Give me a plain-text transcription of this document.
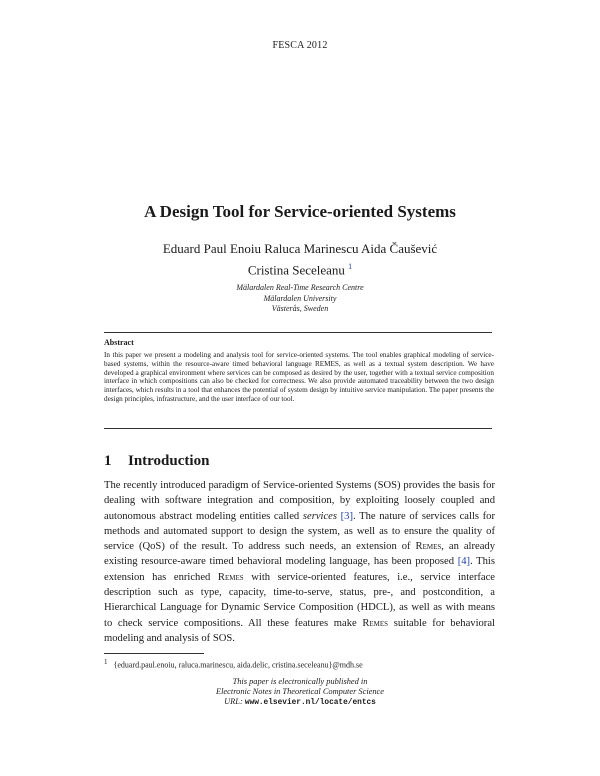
FESCA 2012
A Design Tool for Service-oriented Systems
Eduard Paul Enoiu Raluca Marinescu Aida Čaušević
Cristina Seceleanu $^1$
Mälardalen Real-Time Research Centre
Mälardalen University
Västerås, Sweden
Abstract
In this paper we present a modeling and analysis tool for service-oriented systems. The tool enables graphical modeling of service-based systems, within the resource-aware timed behavioral language REMES, as well as a textual system description. We have developed a graphical environment where services can be composed as desired by the user, together with a textual service composition interface in which compositions can also be checked for correctness. We also provide automated traceability between the two design interfaces, which results in a tool that enhances the potential of system design by intuitive service manipulation. The paper presents the design principles, infrastructure, and the user interface of our tool.
1 Introduction
The recently introduced paradigm of Service-oriented Systems (SOS) provides the basis for dealing with software integration and composition, by exploiting loosely coupled and autonomous abstract modeling entities called services [3]. The nature of services calls for methods and automated support to design the system, as well as to ensure the quality of service (QoS) of the result. To address such needs, an extension of Remes, an already existing resource-aware timed behavioral modeling language, has been proposed [4]. This extension has enriched Remes with service-oriented features, i.e., service interface description such as type, capacity, time-to-serve, status, pre-, and postcondition, a Hierarchical Language for Dynamic Service Composition (HDCL), as well as with means to check service compositions. All these features make Remes suitable for behavioral modeling and analysis of SOS.
1 {eduard.paul.enoiu, raluca.marinescu, aida.delic, cristina.seceleanu}@mdh.se
This paper is electronically published in
Electronic Notes in Theoretical Computer Science
URL: www.elsevier.nl/locate/entcs
